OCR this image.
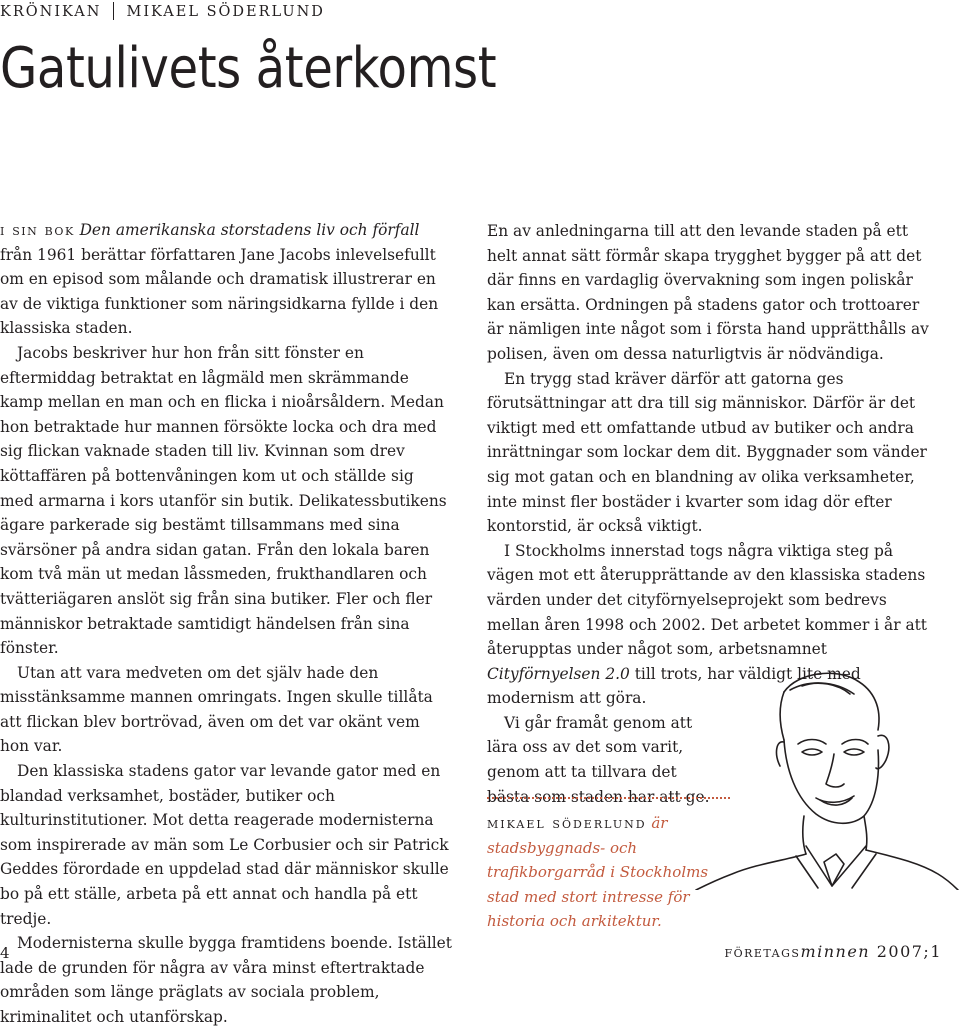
KRÖNIKAN MIKAEL SÖDERLUND
Gatulivets återkomst

i sin bok Den amerikanska storstadens liv och förfall från 1961 berättar författaren Jane Jacobs inlevelsefullt om en episod som målande och dramatisk illustrerar en av de viktiga funktioner som näringsidkarna fyllde i den klassiska staden.

Jacobs beskriver hur hon från sitt fönster en eftermiddag betraktat en lågmäld men skrämmande kamp mellan en man och en flicka i nioårsåldern. Medan hon betraktade hur mannen försökte locka och dra med sig flickan vaknade staden till liv. Kvinnan som drev köttaffären på bottenvåningen kom ut och ställde sig med armarna i kors utanför sin butik. Delikatessbutikens ägare parkerade sig bestämt tillsammans med sina svärsöner på andra sidan gatan. Från den lokala baren kom två män ut medan låssmeden, frukthandlaren och tvätteriägaren anslöt sig från sina butiker. Fler och fler människor betraktade samtidigt händelsen från sina fönster.

Utan att vara medveten om det själv hade den misstänksamme mannen omringats. Ingen skulle tillåta att flickan blev bortrövad, även om det var okänt vem hon var.

Den klassiska stadens gator var levande gator med en blandad verksamhet, bostäder, butiker och kulturinstitutioner. Mot detta reagerade modernisterna som inspirerade av män som Le Corbusier och sir Patrick Geddes förordade en uppdelad stad där människor skulle bo på ett ställe, arbeta på ett annat och handla på ett tredje.

Modernisterna skulle bygga framtidens boende. Istället lade de grunden för några av våra minst eftertraktade områden som länge präglats av sociala problem, kriminalitet och utanförskap.

En av anledningarna till att den levande staden på ett helt annat sätt förmår skapa trygghet bygger på att det där finns en vardaglig övervakning som ingen poliskår kan ersätta. Ordningen på stadens gator och trottoarer är nämligen inte något som i första hand upprätthålls av polisen, även om dessa naturligtvis är nödvändiga.

En trygg stad kräver därför att gatorna ges förutsättningar att dra till sig människor. Därför är det viktigt med ett omfattande utbud av butiker och andra inrättningar som lockar dem dit. Byggnader som vänder sig mot gatan och en blandning av olika verksamheter, inte minst fler bostäder i kvarter som idag dör efter kontorstid, är också viktigt.

I Stockholms innerstad togs några viktiga steg på vägen mot ett återupprättande av den klassiska stadens värden under det cityförnyelseprojekt som bedrevs mellan åren 1998 och 2002. Det arbetet kommer i år att återupptas under något som, arbetsnamnet Cityförnyelsen 2.0 till trots, har väldigt lite med modernism att göra.

Vi går framåt genom att lära oss av det som varit, genom att ta tillvara det bästa som staden har att ge.

mikael söderlund är stadsbyggnads- och trafikborgarråd i Stockholms stad med stort intresse för historia och arkitektur.
4	företagsminnen 2007;1
